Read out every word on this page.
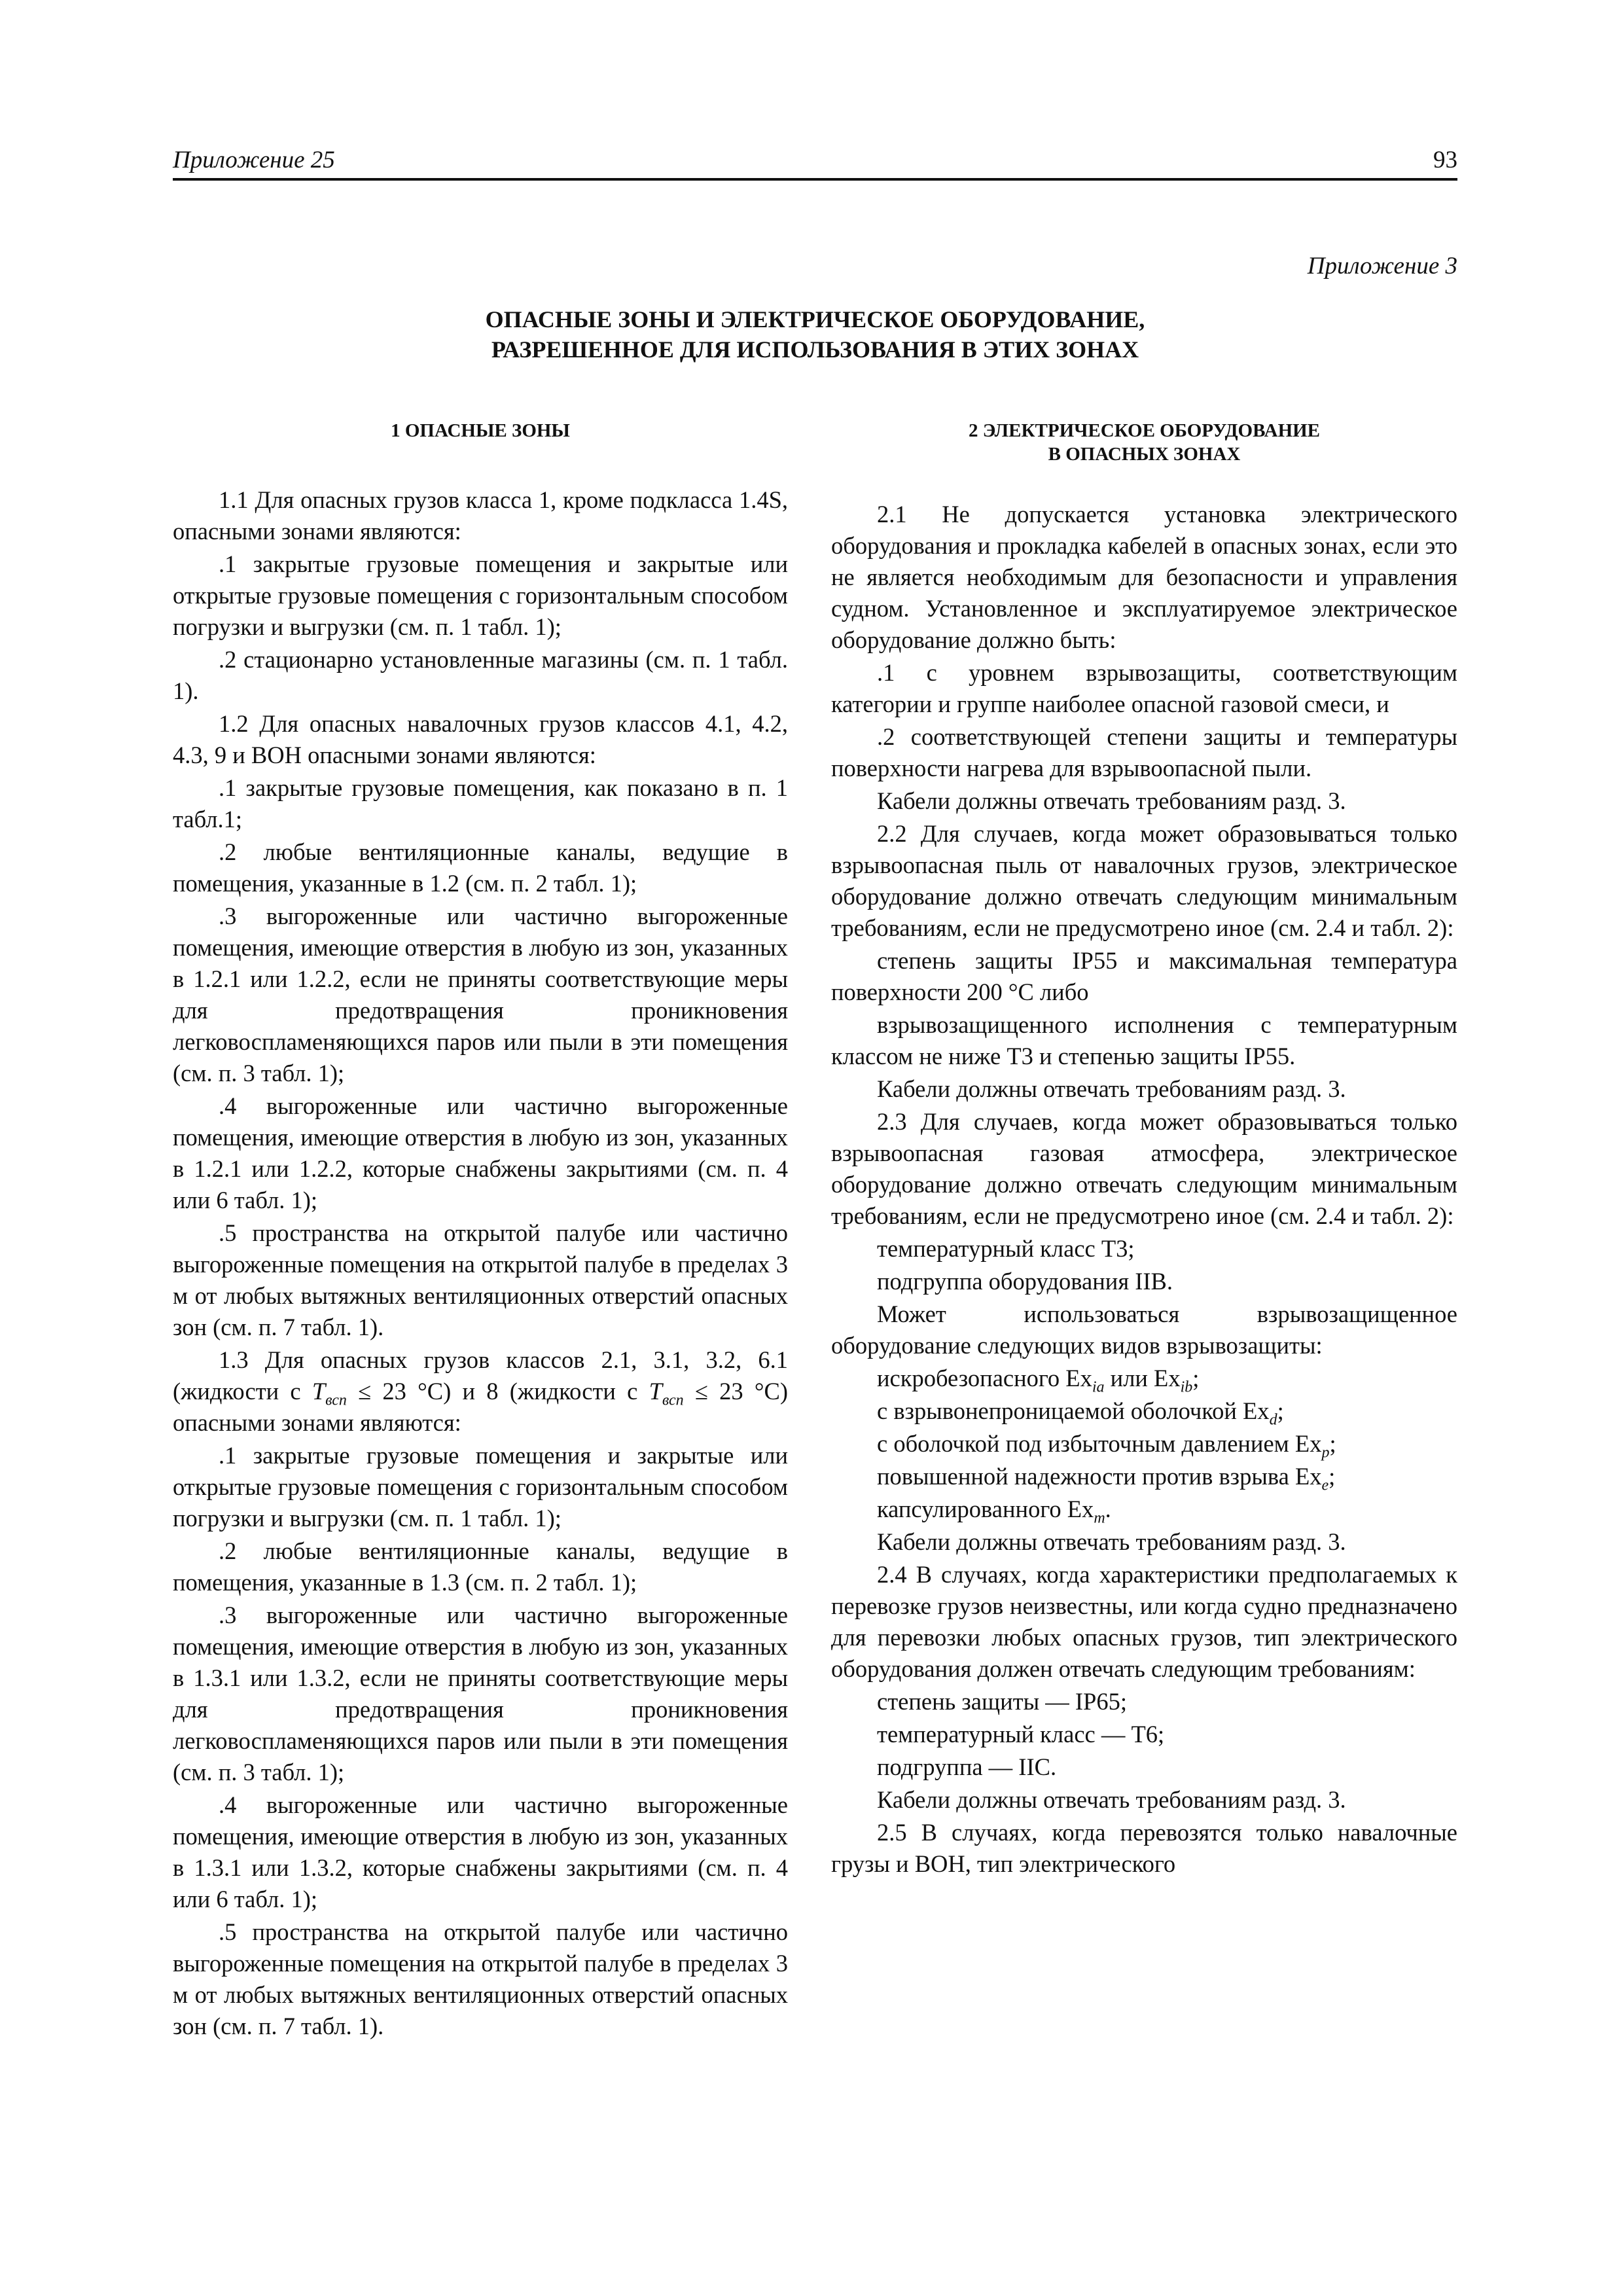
Приложение 25	93
Приложение 3
ОПАСНЫЕ ЗОНЫ И ЭЛЕКТРИЧЕСКОЕ ОБОРУДОВАНИЕ,
РАЗРЕШЕННОЕ ДЛЯ ИСПОЛЬЗОВАНИЯ В ЭТИХ ЗОНАХ
1 ОПАСНЫЕ ЗОНЫ

1.1 Для опасных грузов класса 1, кроме подкласса 1.4S, опасными зонами являются:

.1 закрытые грузовые помещения и закрытые или открытые грузовые помещения с горизонтальным способом погрузки и выгрузки (см. п. 1 табл. 1);

.2 стационарно установленные магазины (см. п. 1 табл. 1).

1.2 Для опасных навалочных грузов классов 4.1, 4.2, 4.3, 9 и ВОН опасными зонами являются:

.1 закрытые грузовые помещения, как показано в п. 1 табл.1;

.2 любые вентиляционные каналы, ведущие в помещения, указанные в 1.2 (см. п. 2 табл. 1);

.3 выгороженные или частично выгороженные помещения, имеющие отверстия в любую из зон, указанных в 1.2.1 или 1.2.2, если не приняты соответствующие меры для предотвращения проникновения легковоспламеняющихся паров или пыли в эти помещения (см. п. 3 табл. 1);

.4 выгороженные или частично выгороженные помещения, имеющие отверстия в любую из зон, указанных в 1.2.1 или 1.2.2, которые снабжены закрытиями (см. п. 4 или 6 табл. 1);

.5 пространства на открытой палубе или частично выгороженные помещения на открытой палубе в пределах 3 м от любых вытяжных вентиляционных отверстий опасных зон (см. п. 7 табл. 1).

1.3 Для опасных грузов классов 2.1, 3.1, 3.2, 6.1 (жидкости с $T_{всп} \le 23$ °С) и 8 (жидкости с $T_{всп} \le 23$ °С) опасными зонами являются:

.1 закрытые грузовые помещения и закрытые или открытые грузовые помещения с горизонтальным способом погрузки и выгрузки (см. п. 1 табл. 1);

.2 любые вентиляционные каналы, ведущие в помещения, указанные в 1.3 (см. п. 2 табл. 1);

.3 выгороженные или частично выгороженные помещения, имеющие отверстия в любую из зон, указанных в 1.3.1 или 1.3.2, если не приняты соответствующие меры для предотвращения проникновения легковоспламеняющихся паров или пыли в эти помещения (см. п. 3 табл. 1);

.4 выгороженные или частично выгороженные помещения, имеющие отверстия в любую из зон, указанных в 1.3.1 или 1.3.2, которые снабжены закрытиями (см. п. 4 или 6 табл. 1);

.5 пространства на открытой палубе или частично выгороженные помещения на открытой палубе в пределах 3 м от любых вытяжных вентиляционных отверстий опасных зон (см. п. 7 табл. 1).

2 ЭЛЕКТРИЧЕСКОЕ ОБОРУДОВАНИЕ
В ОПАСНЫХ ЗОНАХ

2.1 Не допускается установка электрического оборудования и прокладка кабелей в опасных зонах, если это не является необходимым для безопасности и управления судном. Установленное и эксплуатируемое электрическое оборудование должно быть:

.1 с уровнем взрывозащиты, соответствующим категории и группе наиболее опасной газовой смеси, и

.2 соответствующей степени защиты и температуры поверхности нагрева для взрывоопасной пыли.

Кабели должны отвечать требованиям разд. 3.

2.2 Для случаев, когда может образовываться только взрывоопасная пыль от навалочных грузов, электрическое оборудование должно отвечать следующим минимальным требованиям, если не предусмотрено иное (см. 2.4 и табл. 2):

степень защиты IP55 и максимальная температура поверхности 200 °С либо

взрывозащищенного исполнения с температурным классом не ниже Т3 и степенью защиты IP55.

Кабели должны отвечать требованиям разд. 3.

2.3 Для случаев, когда может образовываться только взрывоопасная газовая атмосфера, электрическое оборудование должно отвечать следующим минимальным требованиям, если не предусмотрено иное (см. 2.4 и табл. 2):

температурный класс Т3;

подгруппа оборудования IIВ.

Может использоваться взрывозащищенное оборудование следующих видов взрывозащиты:

искробезопасного $Ex_{ia}$ или $Ex_{ib}$;

с взрывонепроницаемой оболочкой $Ex_d$;

с оболочкой под избыточным давлением $Ex_p$;

повышенной надежности против взрыва $Ex_e$;

капсулированного $Ex_m$.

Кабели должны отвечать требованиям разд. 3.

2.4 В случаях, когда характеристики предполагаемых к перевозке грузов неизвестны, или когда судно предназначено для перевозки любых опасных грузов, тип электрического оборудования должен отвечать следующим требованиям:

степень защиты — IP65;

температурный класс — Т6;

подгруппа — IIС.

Кабели должны отвечать требованиям разд. 3.

2.5 В случаях, когда перевозятся только навалочные грузы и ВОН, тип электрического
